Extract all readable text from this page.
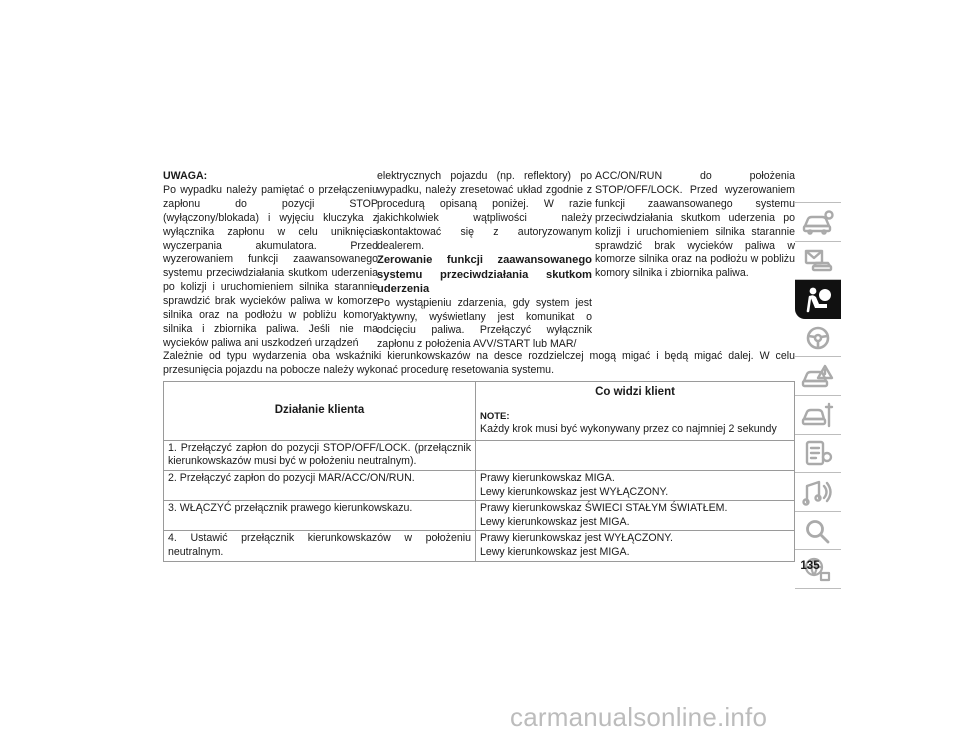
UWAGA:

Po wypadku należy pamiętać o przełączeniu zapłonu do pozycji STOP (wyłączony/blokada) i wyjęciu kluczyka z wyłącznika zapłonu w celu uniknięcia wyczerpania akumulatora. Przed wyzerowaniem funkcji zaawansowanego systemu przeciwdziałania skutkom uderzenia po kolizji i uruchomieniem silnika starannie sprawdzić brak wycieków paliwa w komorze silnika oraz na podłożu w pobliżu komory silnika i zbiornika paliwa. Jeśli nie ma wycieków paliwa ani uszkodzeń urządzeń

elektrycznych pojazdu (np. reflektory) po wypadku, należy zresetować układ zgodnie z procedurą opisaną poniżej. W razie jakichkolwiek wątpliwości należy skontaktować się z autoryzowanym dealerem.

Zerowanie funkcji zaawansowanego systemu przeciwdziałania skutkom uderzenia

Po wystąpieniu zdarzenia, gdy system jest aktywny, wyświetlany jest komunikat o odcięciu paliwa. Przełączyć wyłącznik zapłonu z położenia AVV/START lub MAR/

ACC/ON/RUN do położenia STOP/OFF/LOCK. Przed wyzerowaniem funkcji zaawansowanego systemu przeciwdziałania skutkom uderzenia po kolizji i uruchomieniem silnika starannie sprawdzić brak wycieków paliwa w komorze silnika oraz na podłożu w pobliżu komory silnika i zbiornika paliwa.

Zależnie od typu wydarzenia oba wskaźniki kierunkowskazów na desce rozdzielczej mogą migać i będą migać dalej. W celu przesunięcia pojazdu na pobocze należy wykonać procedurę resetowania systemu.

Działanie klienta	Co widzi klient
NOTE:
Każdy krok musi być wykonywany przez co najmniej 2 sekundy

1. Przełączyć zapłon do pozycji STOP/OFF/LOCK. (przełącznik kierunkowskazów musi być w położeniu neutralnym).	

2. Przełączyć zapłon do pozycji MAR/ACC/ON/RUN.	Prawy kierunkowskaz MIGA.
Lewy kierunkowskaz jest WYŁĄCZONY.

3. WŁĄCZYĆ przełącznik prawego kierunkowskazu.	Prawy kierunkowskaz ŚWIECI STAŁYM ŚWIATŁEM.
Lewy kierunkowskaz jest MIGA.

4. Ustawić przełącznik kierunkowskazów w położeniu neutralnym.	Prawy kierunkowskaz jest WYŁĄCZONY.
Lewy kierunkowskaz jest MIGA.
135
carmanualsonline.info
